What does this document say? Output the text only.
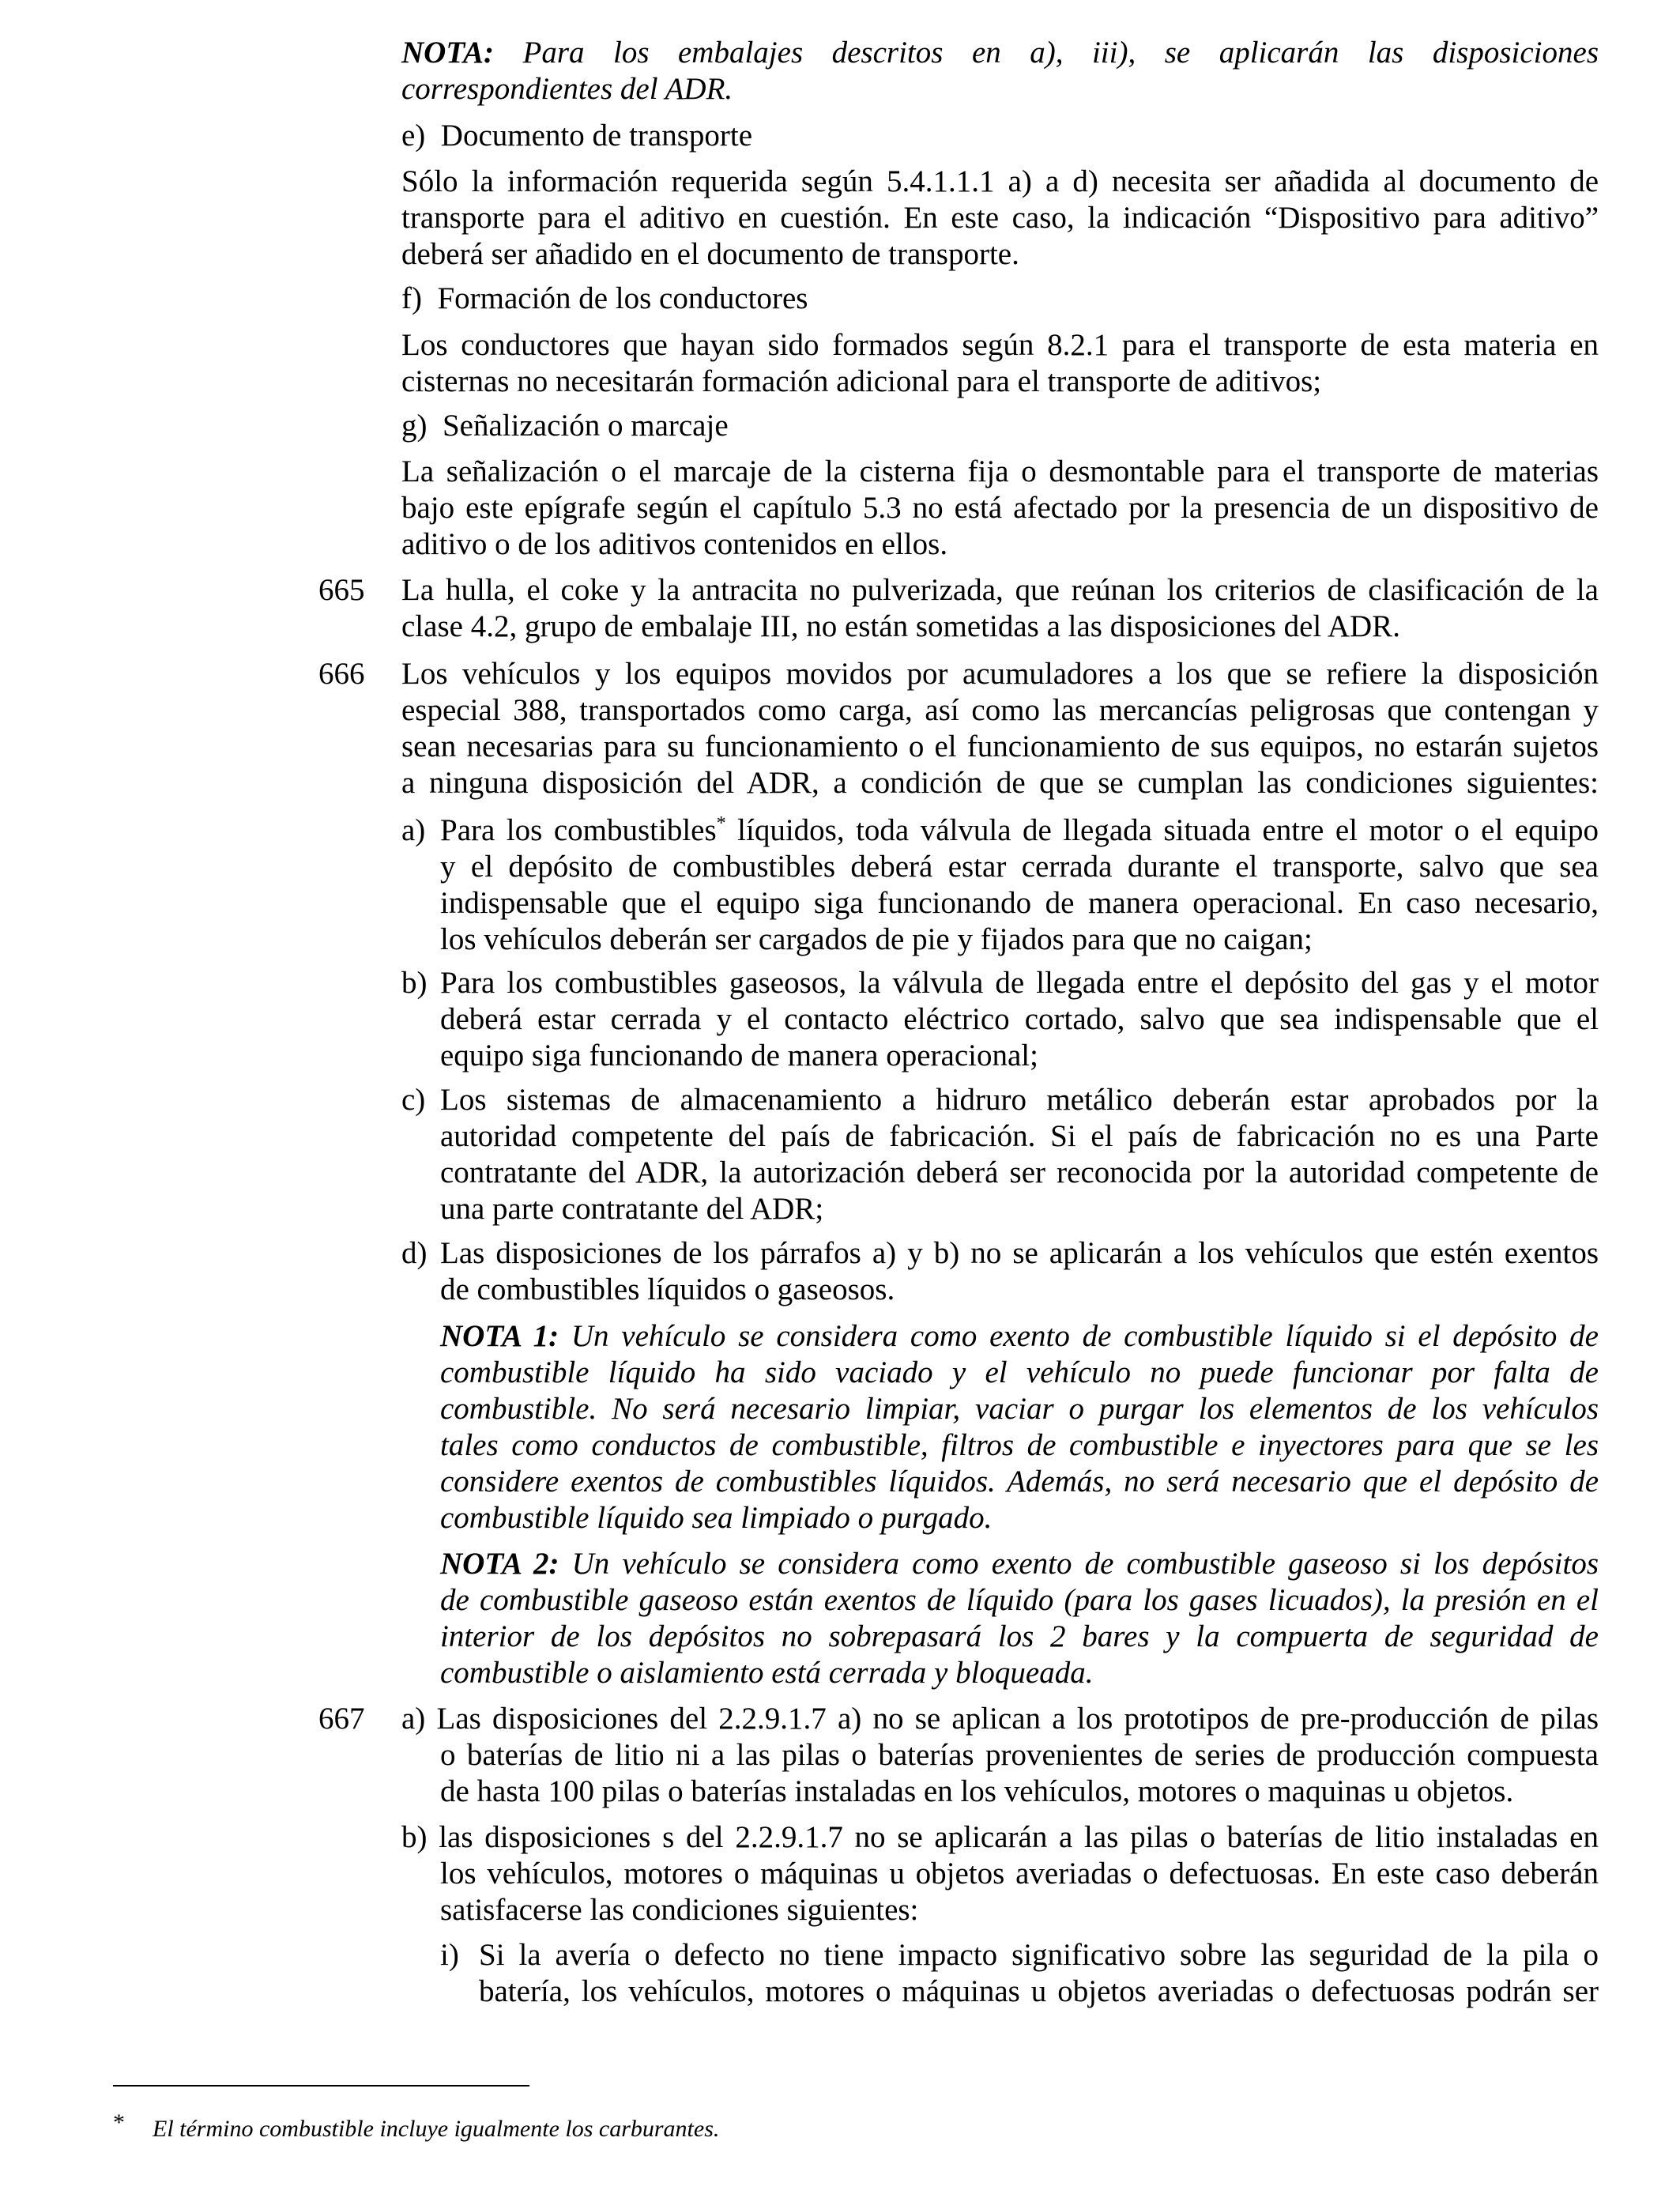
NOTA: Para los embalajes descritos en a), iii), se aplicarán las disposiciones
correspondientes del ADR.
e) Documento de transporte
Sólo la información requerida según 5.4.1.1.1 a) a d) necesita ser añadida al documento de
transporte para el aditivo en cuestión. En este caso, la indicación “Dispositivo para aditivo”
deberá ser añadido en el documento de transporte.
f) Formación de los conductores
Los conductores que hayan sido formados según 8.2.1 para el transporte de esta materia en
cisternas no necesitarán formación adicional para el transporte de aditivos;
g) Señalización o marcaje
La señalización o el marcaje de la cisterna fija o desmontable para el transporte de materias
bajo este epígrafe según el capítulo 5.3 no está afectado por la presencia de un dispositivo de
aditivo o de los aditivos contenidos en ellos.
665 La hulla, el coke y la antracita no pulverizada, que reúnan los criterios de clasificación de la
clase 4.2, grupo de embalaje III, no están sometidas a las disposiciones del ADR.
666 Los vehículos y los equipos movidos por acumuladores a los que se refiere la disposición
especial 388, transportados como carga, así como las mercancías peligrosas que contengan y
sean necesarias para su funcionamiento o el funcionamiento de sus equipos, no estarán sujetos
a ninguna disposición del ADR, a condición de que se cumplan las condiciones siguientes:
a) Para los combustibles* líquidos, toda válvula de llegada situada entre el motor o el equipo
y el depósito de combustibles deberá estar cerrada durante el transporte, salvo que sea
indispensable que el equipo siga funcionando de manera operacional. En caso necesario,
los vehículos deberán ser cargados de pie y fijados para que no caigan;
b) Para los combustibles gaseosos, la válvula de llegada entre el depósito del gas y el motor
deberá estar cerrada y el contacto eléctrico cortado, salvo que sea indispensable que el
equipo siga funcionando de manera operacional;
c) Los sistemas de almacenamiento a hidruro metálico deberán estar aprobados por la
autoridad competente del país de fabricación. Si el país de fabricación no es una Parte
contratante del ADR, la autorización deberá ser reconocida por la autoridad competente de
una parte contratante del ADR;
d) Las disposiciones de los párrafos a) y b) no se aplicarán a los vehículos que estén exentos
de combustibles líquidos o gaseosos.
NOTA 1: Un vehículo se considera como exento de combustible líquido si el depósito de
combustible líquido ha sido vaciado y el vehículo no puede funcionar por falta de
combustible. No será necesario limpiar, vaciar o purgar los elementos de los vehículos
tales como conductos de combustible, filtros de combustible e inyectores para que se les
considere exentos de combustibles líquidos. Además, no será necesario que el depósito de
combustible líquido sea limpiado o purgado.
NOTA 2: Un vehículo se considera como exento de combustible gaseoso si los depósitos
de combustible gaseoso están exentos de líquido (para los gases licuados), la presión en el
interior de los depósitos no sobrepasará los 2 bares y la compuerta de seguridad de
combustible o aislamiento está cerrada y bloqueada.
667 a) Las disposiciones del 2.2.9.1.7 a) no se aplican a los prototipos de pre-producción de pilas
o baterías de litio ni a las pilas o baterías provenientes de series de producción compuesta
de hasta 100 pilas o baterías instaladas en los vehículos, motores o maquinas u objetos.
b) las disposiciones s del 2.2.9.1.7 no se aplicarán a las pilas o baterías de litio instaladas en
los vehículos, motores o máquinas u objetos averiadas o defectuosas. En este caso deberán
satisfacerse las condiciones siguientes:
i) Si la avería o defecto no tiene impacto significativo sobre las seguridad de la pila o
batería, los vehículos, motores o máquinas u objetos averiadas o defectuosas podrán ser
* El término combustible incluye igualmente los carburantes.
